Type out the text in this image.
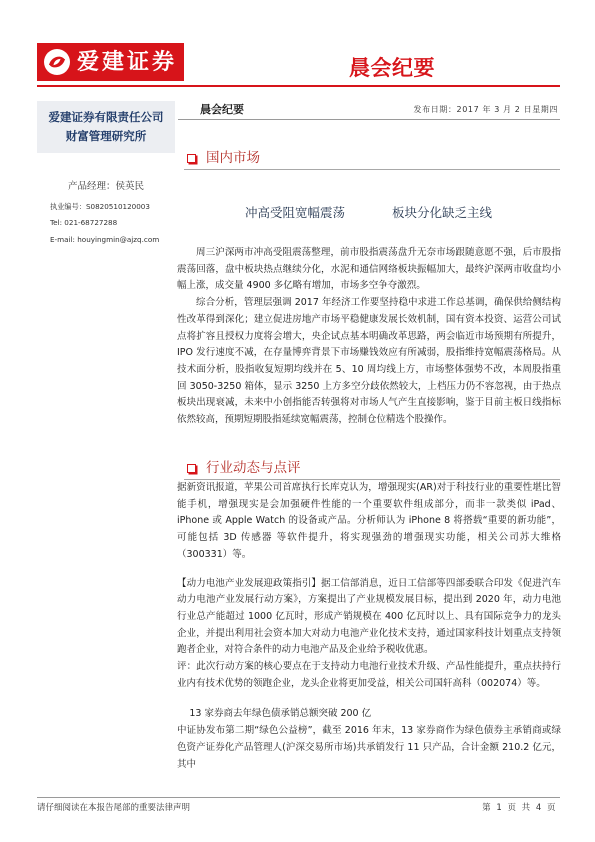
爱建证券	晨会纪要
爱建证券有限责任公司
财富管理研究所
产品经理：侯英民
执业编号：S0820510120003
Tel: 021-68727288
E-mail: houyingmin@ajzq.com
晨会纪要	发布日期：2017 年 3 月 2 日星期四
国内市场
冲高受阻宽幅震荡	板块分化缺乏主线

周三沪深两市冲高受阻震荡整理，前市股指震荡盘升无奈市场跟随意愿不强，后市股指震荡回落，盘中板块热点继续分化，水泥和通信网络板块振幅加大，最终沪深两市收盘均小幅上涨，成交量 4900 多亿略有增加，市场多空争夺激烈。

综合分析，管理层强调 2017 年经济工作要坚持稳中求进工作总基调，确保供给侧结构性改革得到深化；建立促进房地产市场平稳健康发展长效机制，国有资本投资、运营公司试点将扩容且授权力度将会增大，央企试点基本明确改革思路，两会临近市场预期有所提升，IPO 发行速度不减，在存量博弈背景下市场赚钱效应有所减弱，股指维持宽幅震荡格局。从技术面分析，股指收复短期均线并在 5、10 周均线上方，市场整体强势不改，本周股指重回 3050-3250 箱体，显示 3250 上方多空分歧依然较大，上档压力仍不容忽视，由于热点板块出现衰减，未来中小创指能否转强将对市场人气产生直接影响，鉴于目前主板日线指标依然较高，预期短期股指延续宽幅震荡，控制仓位精选个股操作。

行业动态与点评

据新资讯报道，苹果公司首席执行长库克认为，增强现实(AR)对于科技行业的重要性堪比智能手机，增强现实是会加强硬件性能的一个重要软件组成部分，而非一款类似 iPad、iPhone 或 Apple Watch 的设备或产品。分析师认为 iPhone 8 将搭载“重要的新功能”，可能包括 3D 传感器 等软件提升，将实现强劲的增强现实功能，相关公司苏大维格（300331）等。

【动力电池产业发展迎政策指引】据工信部消息，近日工信部等四部委联合印发《促进汽车动力电池产业发展行动方案》，方案提出了产业规模发展目标，提出到 2020 年，动力电池行业总产能超过 1000 亿瓦时，形成产销规模在 400 亿瓦时以上、具有国际竞争力的龙头企业，并提出利用社会资本加大对动力电池产业化技术支持，通过国家科技计划重点支持领跑者企业，对符合条件的动力电池产品及企业给予税收优惠。

评：此次行动方案的核心要点在于支持动力电池行业技术升级、产品性能提升，重点扶持行业内有技术优势的领跑企业，龙头企业将更加受益，相关公司国轩高科（002074）等。

13 家券商去年绿色债承销总额突破 200 亿

中证协发布第二期“绿色公益榜”，截至 2016 年末，13 家券商作为绿色债券主承销商或绿色资产证券化产品管理人(沪深交易所市场)共承销发行 11 只产品，合计金额 210.2 亿元，其中

请仔细阅读在本报告尾部的重要法律声明	第 1 页 共 4 页
